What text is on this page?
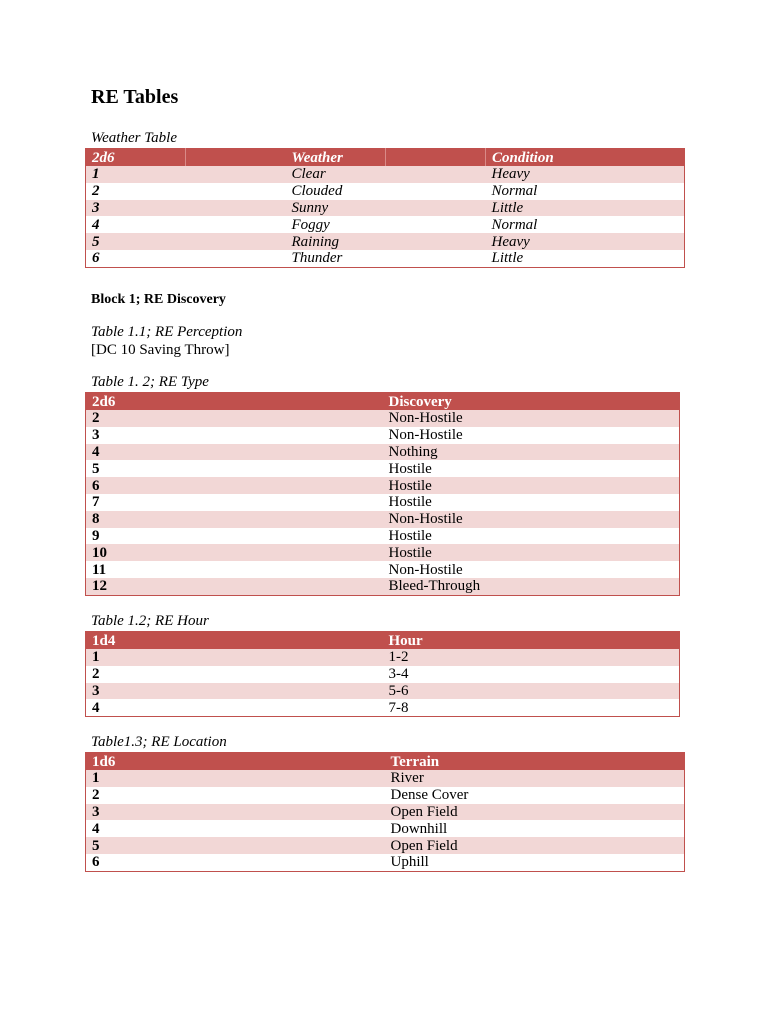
RE Tables
Weather Table
2d6		Weather		Condition	
1		Clear		Heavy	
2		Clouded		Normal	
3		Sunny		Little	
4		Foggy		Normal	
5		Raining		Heavy	
6		Thunder		Little	
Block 1; RE Discovery
Table 1.1; RE Perception
[DC 10 Saving Throw]
Table 1. 2; RE Type
2d6	Discovery
2	Non-Hostile
3	Non-Hostile
4	Nothing
5	Hostile
6	Hostile
7	Hostile
8	Non-Hostile
9	Hostile
10	Hostile
11	Non-Hostile
12	Bleed-Through
Table 1.2; RE Hour
1d4	Hour
1	1-2
2	3-4
3	5-6
4	7-8
Table1.3; RE Location
1d6	Terrain
1	River
2	Dense Cover
3	Open Field
4	Downhill
5	Open Field
6	Uphill
